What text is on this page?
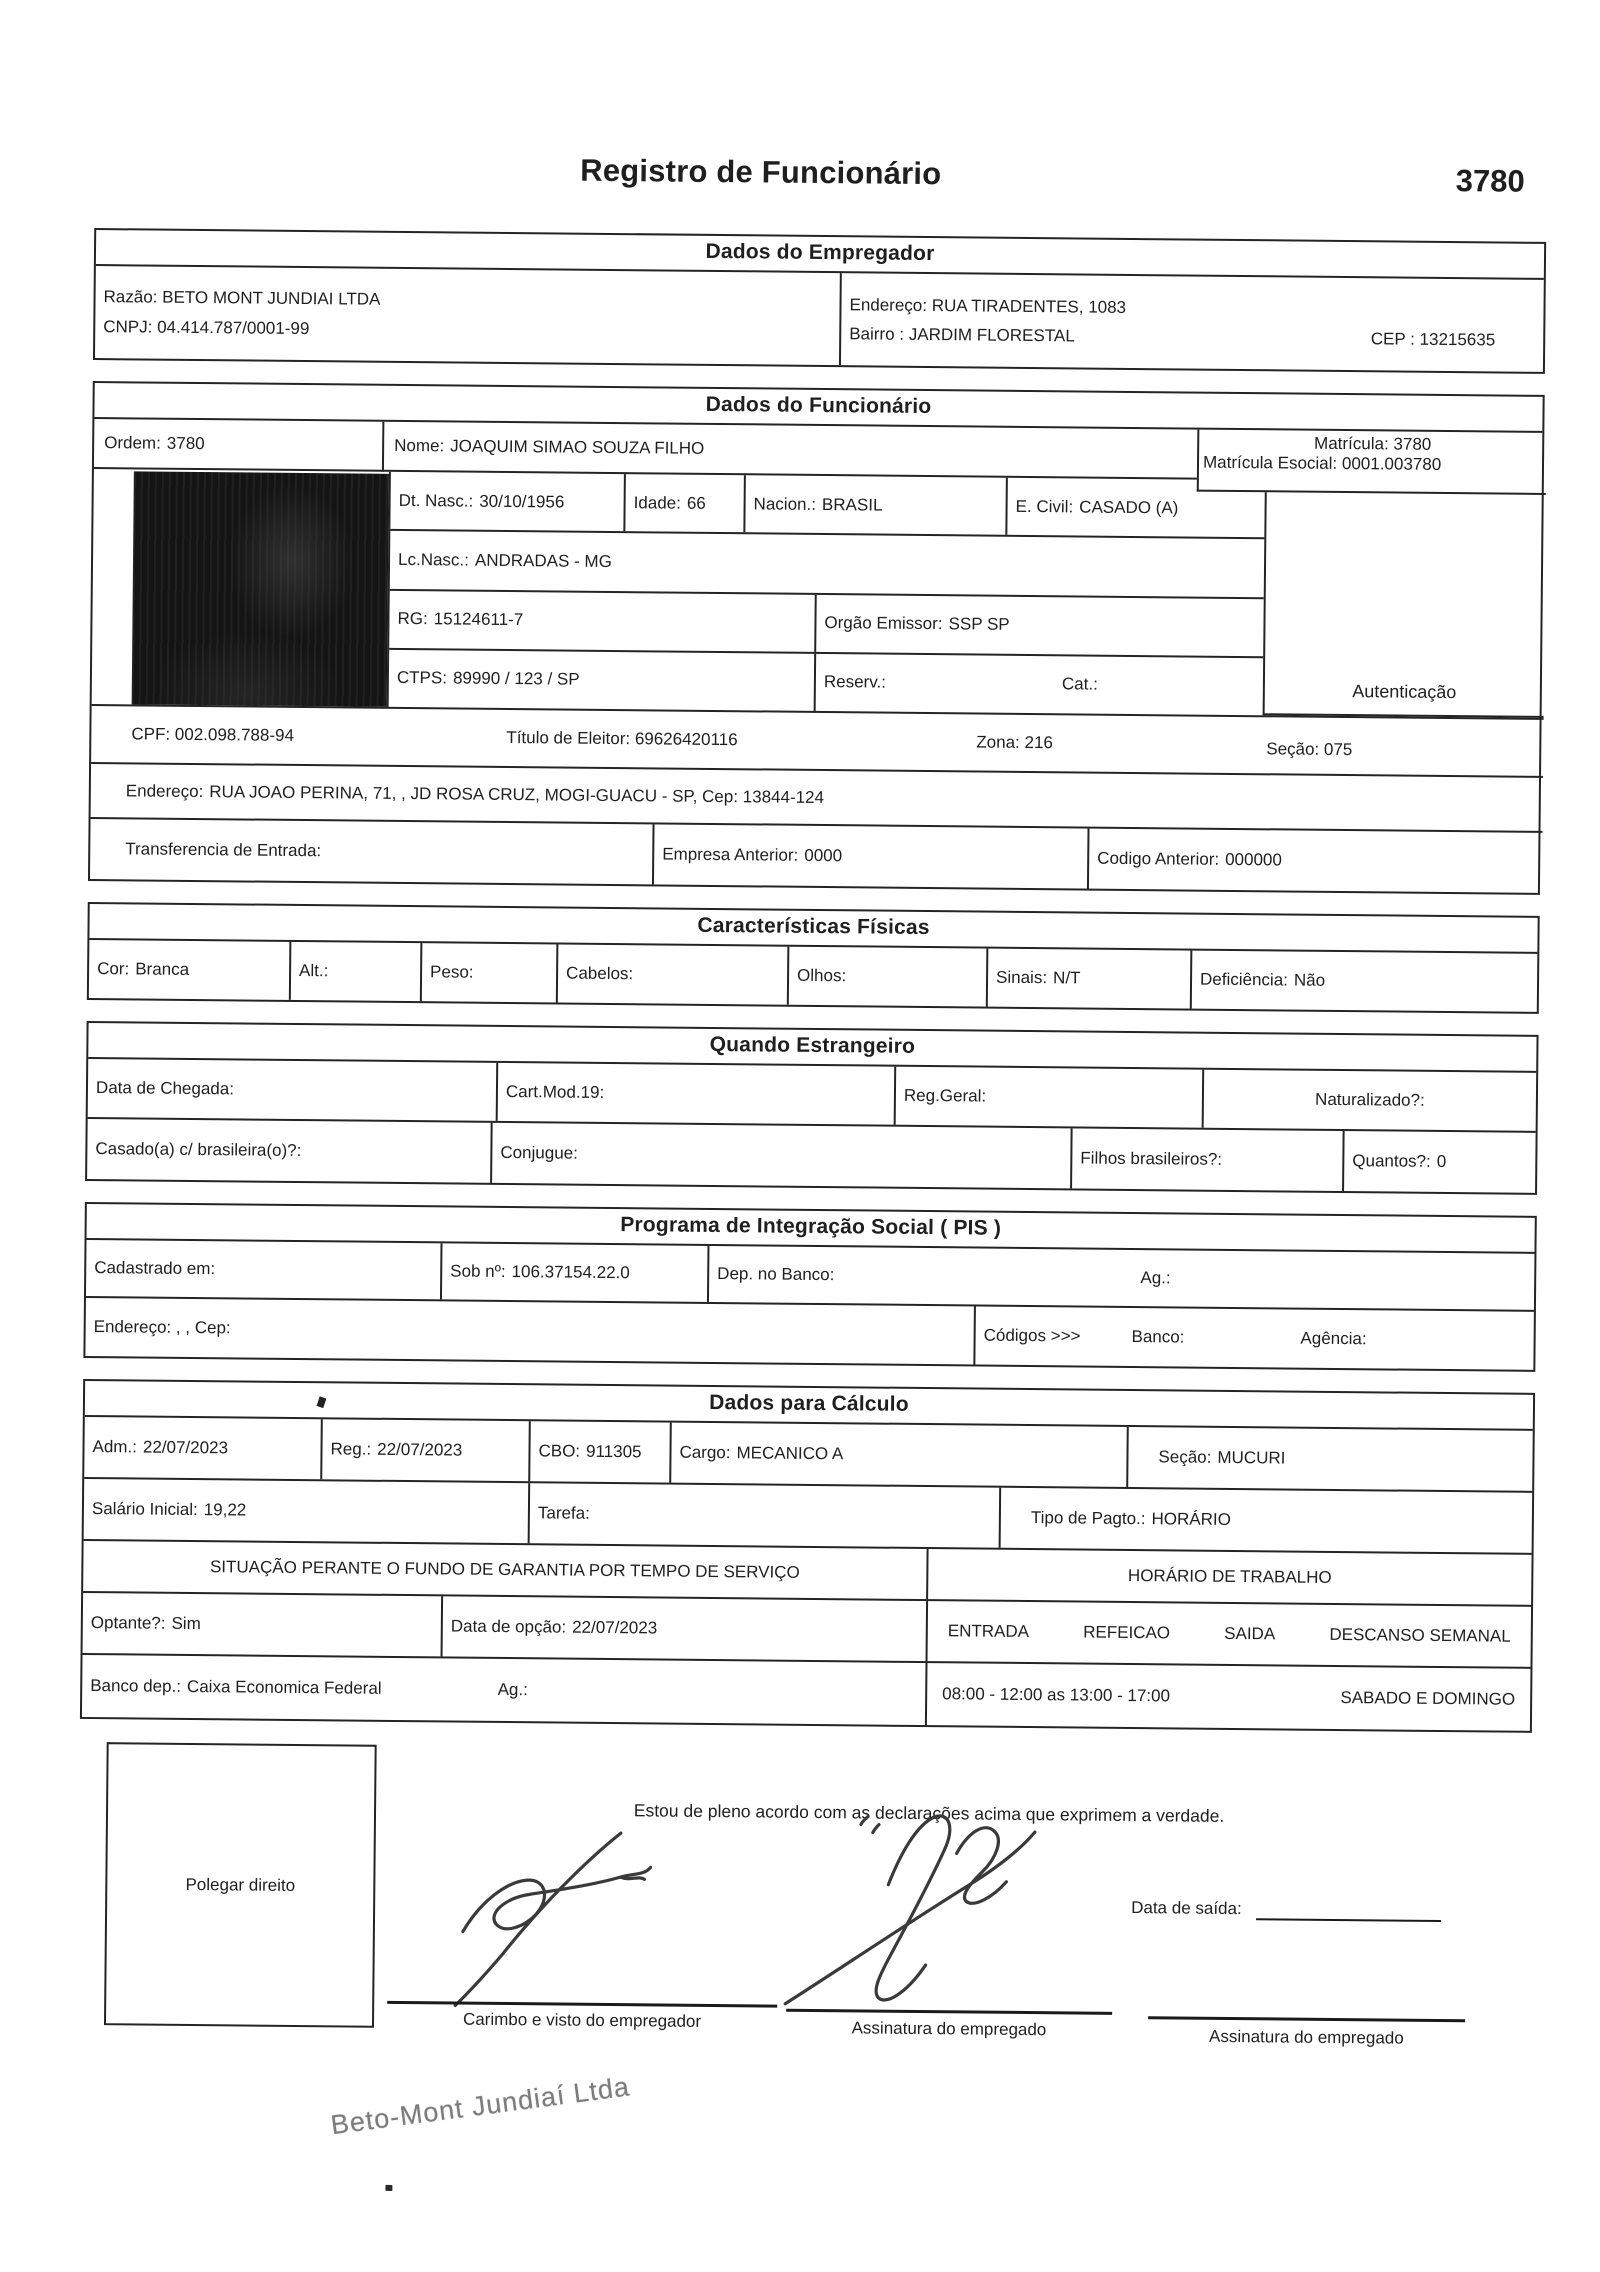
Registro de Funcionário	3780
Dados do Empregador
Razão: BETO MONT JUNDIAI LTDA
CNPJ: 04.414.787/0001-99
Endereço: RUA TIRADENTES, 1083
Bairro :
JARDIM FLORESTAL	CEP : 13215635
Dados do Funcionário
Ordem: 3780	Nome: JOAQUIM SIMAO SOUZA FILHO	Matrícula: 3780
Matrícula Esocial: 0001.003780
Dt. Nasc.: 30/10/1956	Idade: 66	Nacion.: BRASIL	E. Civil: CASADO (A)
Lc.Nasc.: ANDRADAS - MG
RG: 15124611-7	Orgão Emissor: SSP SP
CTPS: 89990 / 123 / SP	Reserv.:	Cat.:	Autenticação
CPF: 002.098.788-94	Título de Eleitor: 69626420116	Zona: 216	Seção: 075
Endereço: RUA JOAO PERINA, 71, , JD ROSA CRUZ, MOGI-GUACU - SP, Cep: 13844-124
Transferencia de Entrada:	Empresa Anterior: 0000	Codigo Anterior: 000000
Características Físicas
Cor: Branca	Alt.:	Peso:	Cabelos:	Olhos:	Sinais: N/T	Deficiência: Não
Quando Estrangeiro
Data de Chegada:	Cart.Mod.19:	Reg.Geral:	Naturalizado?:
Casado(a) c/ brasileira(o)?:	Conjugue:	Filhos brasileiros?:	Quantos?: 0
Programa de Integração Social ( PIS )
Cadastrado em:	Sob nº: 106.37154.22.0	Dep. no Banco:	Ag.:
Endereço: , , Cep:	Códigos >>>	Banco:	Agência:
Dados para Cálculo
Adm.: 22/07/2023	Reg.: 22/07/2023	CBO: 911305 Cargo: MECANICO A	Seção: MUCURI
Salário Inicial: 19,22	Tarefa:	Tipo de Pagto.: HORÁRIO
SITUAÇÃO PERANTE O FUNDO DE GARANTIA POR TEMPO DE SERVIÇO	HORÁRIO DE TRABALHO
Optante?: Sim	Data de opção: 22/07/2023	ENTRADA	REFEICAO	SAIDA	DESCANSO SEMANAL
Banco dep.: Caixa Economica Federal	Ag.:	08:00 - 12:00 as 13:00 - 17:00	SABADO E DOMINGO
Polegar direito
Estou de pleno acordo com as declarações acima que exprimem a verdade.
Data de saída:
Carimbo e visto do empregador	Assinatura do empregado	Assinatura do empregado
Beto-Mont Jundiaí Ltda
